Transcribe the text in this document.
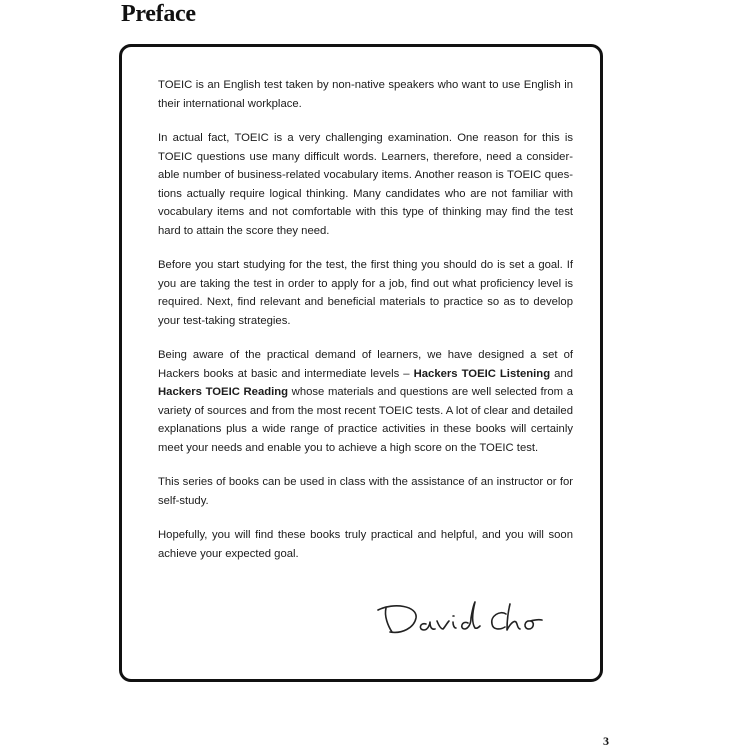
Preface

TOEIC is an English test taken by non-native speakers who want to use English in their international workplace.

In actual fact, TOEIC is a very challenging examination. One reason for this is TOEIC questions use many difficult words. Learners, therefore, need a consider-able number of business-related vocabulary items. Another reason is TOEIC ques-tions actually require logical thinking. Many candidates who are not familiar with vocabulary items and not comfortable with this type of thinking may find the test hard to attain the score they need.

Before you start studying for the test, the first thing you should do is set a goal. If you are taking the test in order to apply for a job, find out what proficiency level is required. Next, find relevant and beneficial materials to practice so as to develop your test-taking strategies.

Being aware of the practical demand of learners, we have designed a set of Hackers books at basic and intermediate levels – Hackers TOEIC Listening and Hackers TOEIC Reading whose materials and questions are well selected from a variety of sources and from the most recent TOEIC tests. A lot of clear and detailed explanations plus a wide range of practice activities in these books will certainly meet your needs and enable you to achieve a high score on the TOEIC test.

This series of books can be used in class with the assistance of an instructor or for self-study.

Hopefully, you will find these books truly practical and helpful, and you will soon achieve your expected goal.

3
